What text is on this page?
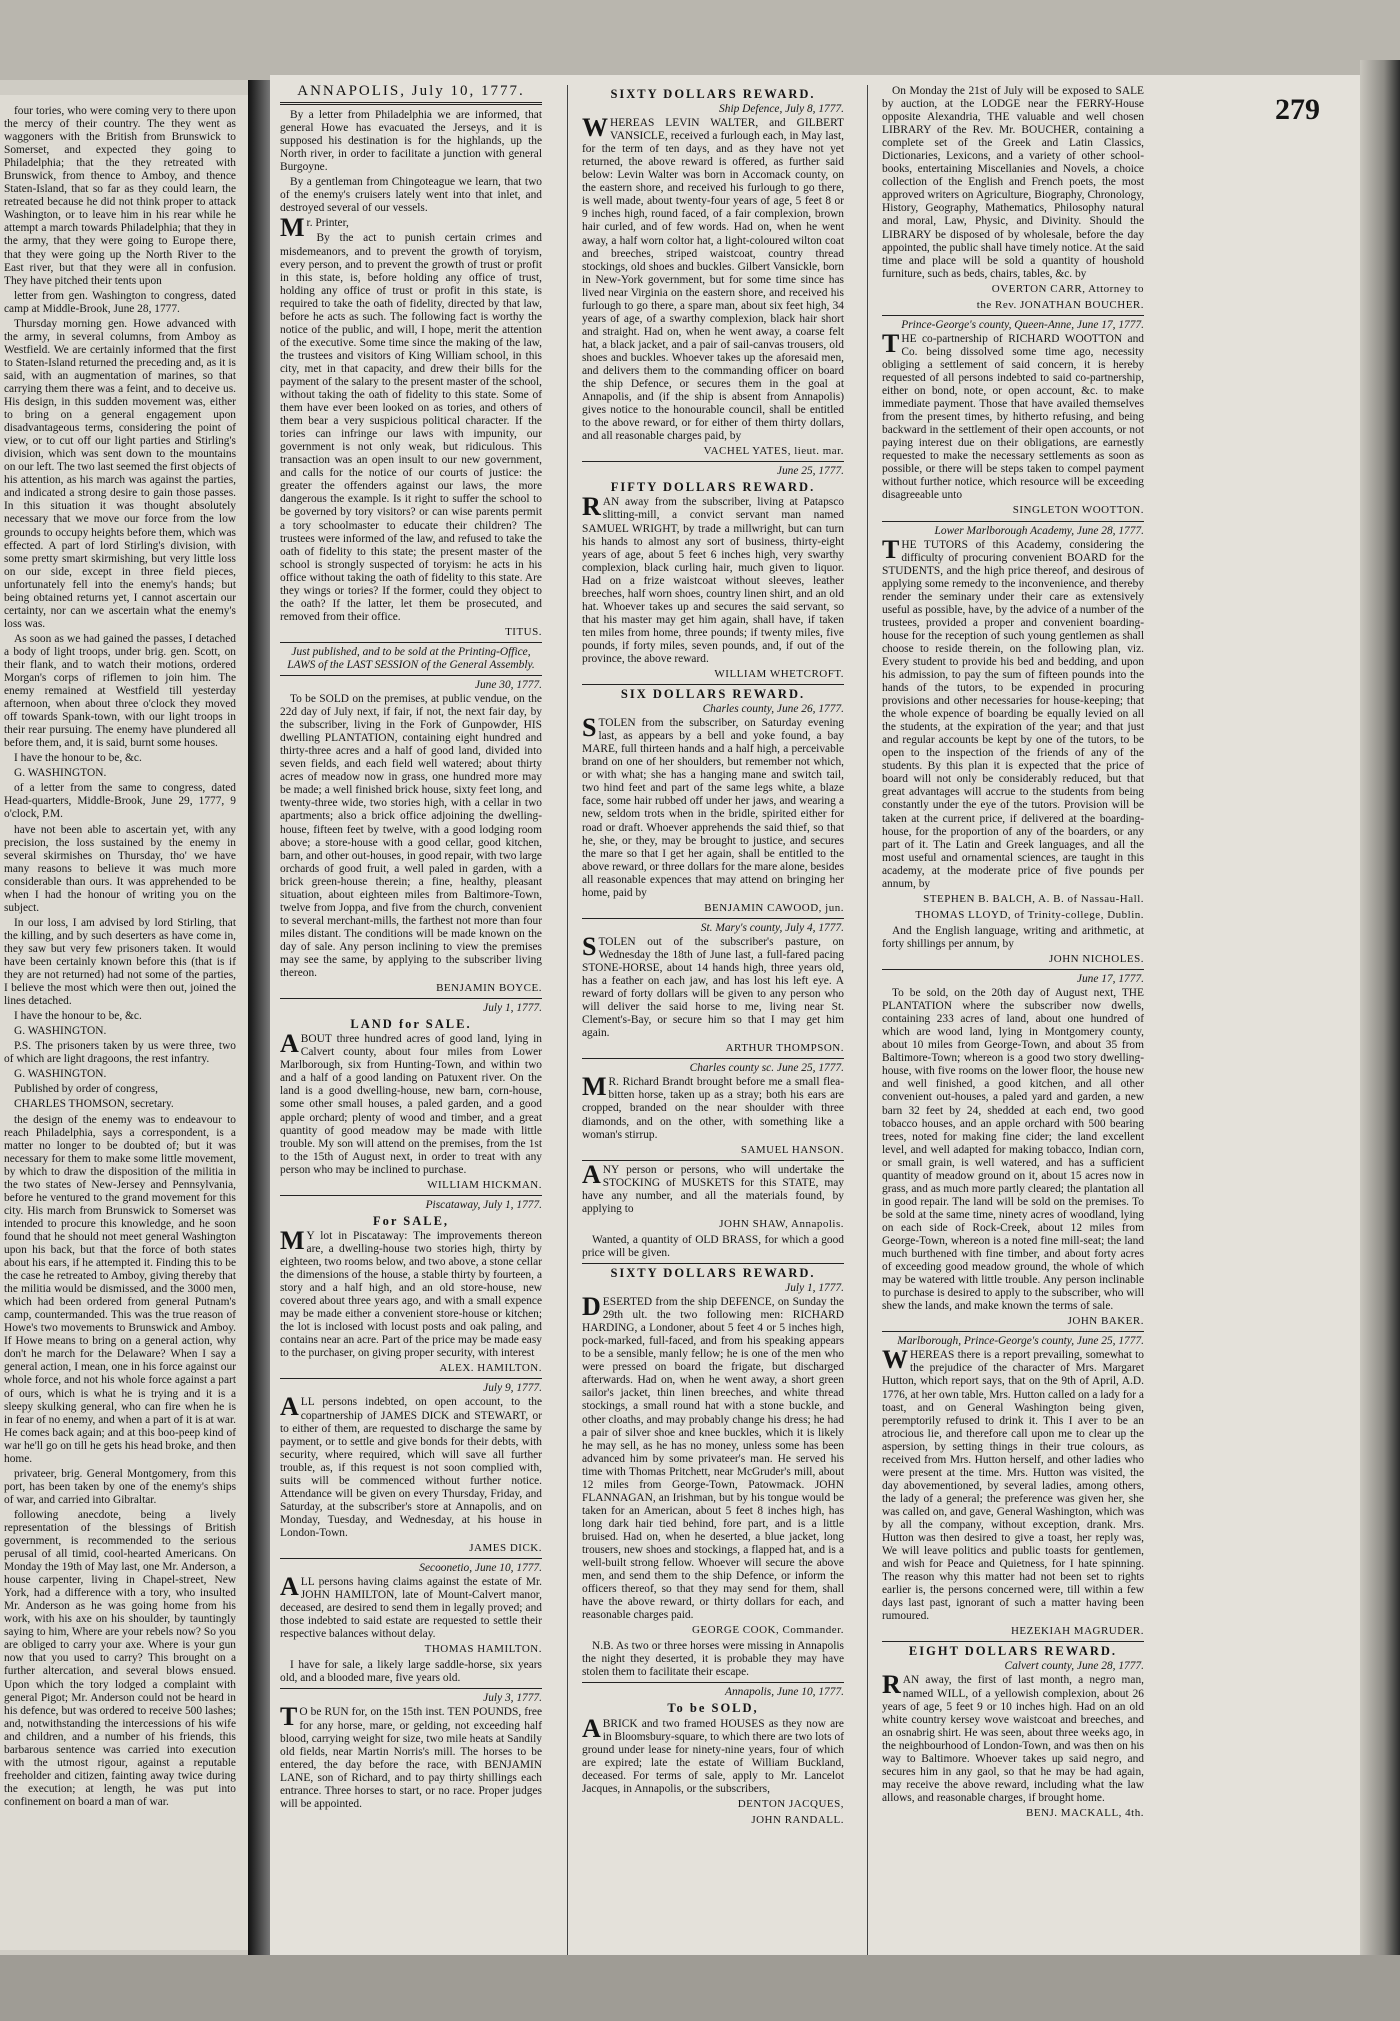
four tories, who were coming very to there upon the mercy of their country. The they went as waggoners with the British from Brunswick to Somerset, and expected they going to Philadelphia; that the they retreated with Brunswick, from thence to Amboy, and thence Staten-Island, that so far as they could learn, the retreated because he did not think proper to attack Washington, or to leave him in his rear while he attempt a march towards Philadelphia; that they in the army, that they were going to Europe there, that they were going up the North River to the East river, but that they were all in confusion. They have pitched their tents upon

letter from gen. Washington to congress, dated camp at Middle-Brook, June 28, 1777.

Thursday morning gen. Howe advanced with the army, in several columns, from Amboy as Westfield. We are certainly informed that the first to Staten-Island returned the preceding and, as it is said, with an augmentation of marines, so that carrying them there was a feint, and to deceive us. His design, in this sudden movement was, either to bring on a general engagement upon disadvantageous terms, considering the point of view, or to cut off our light parties and Stirling's division, which was sent down to the mountains on our left. The two last seemed the first objects of his attention, as his march was against the parties, and indicated a strong desire to gain those passes. In this situation it was thought absolutely necessary that we move our force from the low grounds to occupy heights before them, which was effected. A part of lord Stirling's division, with some pretty smart skirmishing, but very little loss on our side, except in three field pieces, unfortunately fell into the enemy's hands; but being obtained returns yet, I cannot ascertain our certainty, nor can we ascertain what the enemy's loss was.

As soon as we had gained the passes, I detached a body of light troops, under brig. gen. Scott, on their flank, and to watch their motions, ordered Morgan's corps of riflemen to join him. The enemy remained at Westfield till yesterday afternoon, when about three o'clock they moved off towards Spank-town, with our light troops in their rear pursuing. The enemy have plundered all before them, and, it is said, burnt some houses.

I have the honour to be, &c.

G. WASHINGTON.

of a letter from the same to congress, dated Head-quarters, Middle-Brook, June 29, 1777, 9 o'clock, P.M.

have not been able to ascertain yet, with any precision, the loss sustained by the enemy in several skirmishes on Thursday, tho' we have many reasons to believe it was much more considerable than ours. It was apprehended to be when I had the honour of writing you on the subject.

In our loss, I am advised by lord Stirling, that the killing, and by such deserters as have come in, they saw but very few prisoners taken. It would have been certainly known before this (that is if they are not returned) had not some of the parties, I believe the most which were then out, joined the lines detached.

I have the honour to be, &c.

G. WASHINGTON.

P.S. The prisoners taken by us were three, two of which are light dragoons, the rest infantry.

G. WASHINGTON.

Published by order of congress,

CHARLES THOMSON, secretary.

the design of the enemy was to endeavour to reach Philadelphia, says a correspondent, is a matter no longer to be doubted of; but it was necessary for them to make some little movement, by which to draw the disposition of the militia in the two states of New-Jersey and Pennsylvania, before he ventured to the grand movement for this city. His march from Brunswick to Somerset was intended to procure this knowledge, and he soon found that he should not meet general Washington upon his back, but that the force of both states about his ears, if he attempted it. Finding this to be the case he retreated to Amboy, giving thereby that the militia would be dismissed, and the 3000 men, which had been ordered from general Putnam's camp, countermanded. This was the true reason of Howe's two movements to Brunswick and Amboy. If Howe means to bring on a general action, why don't he march for the Delaware? When I say a general action, I mean, one in his force against our whole force, and not his whole force against a part of ours, which is what he is trying and it is a sleepy skulking general, who can fire when he is in fear of no enemy, and when a part of it is at war. He comes back again; and at this boo-peep kind of war he'll go on till he gets his head broke, and then home.

privateer, brig. General Montgomery, from this port, has been taken by one of the enemy's ships of war, and carried into Gibraltar.

following anecdote, being a lively representation of the blessings of British government, is recommended to the serious perusal of all timid, cool-hearted Americans. On Monday the 19th of May last, one Mr. Anderson, a house carpenter, living in Chapel-street, New York, had a difference with a tory, who insulted Mr. Anderson as he was going home from his work, with his axe on his shoulder, by tauntingly saying to him, Where are your rebels now? So you are obliged to carry your axe. Where is your gun now that you used to carry? This brought on a further altercation, and several blows ensued. Upon which the tory lodged a complaint with general Pigot; Mr. Anderson could not be heard in his defence, but was ordered to receive 500 lashes; and, notwithstanding the intercessions of his wife and children, and a number of his friends, this barbarous sentence was carried into execution with the utmost rigour, against a reputable freeholder and citizen, fainting away twice during the execution; at length, he was put into confinement on board a man of war.

279
ANNAPOLIS, July 10, 1777.

By a letter from Philadelphia we are informed, that general Howe has evacuated the Jerseys, and it is supposed his destination is for the highlands, up the North river, in order to facilitate a junction with general Burgoyne.

By a gentleman from Chingoteague we learn, that two of the enemy's cruisers lately went into that inlet, and destroyed several of our vessels.

Mr. Printer,

By the act to punish certain crimes and misdemeanors, and to prevent the growth of toryism, every person, and to prevent the growth of trust or profit in this state, is, before holding any office of trust, holding any office of trust or profit in this state, is required to take the oath of fidelity, directed by that law, before he acts as such. The following fact is worthy the notice of the public, and will, I hope, merit the attention of the executive. Some time since the making of the law, the trustees and visitors of King William school, in this city, met in that capacity, and drew their bills for the payment of the salary to the present master of the school, without taking the oath of fidelity to this state. Some of them have ever been looked on as tories, and others of them bear a very suspicious political character. If the tories can infringe our laws with impunity, our government is not only weak, but ridiculous. This transaction was an open insult to our new government, and calls for the notice of our courts of justice: the greater the offenders against our laws, the more dangerous the example. Is it right to suffer the school to be governed by tory visitors? or can wise parents permit a tory schoolmaster to educate their children? The trustees were informed of the law, and refused to take the oath of fidelity to this state; the present master of the school is strongly suspected of toryism: he acts in his office without taking the oath of fidelity to this state. Are they wings or tories? If the former, could they object to the oath? If the latter, let them be prosecuted, and removed from their office.

TITUS.

Just published, and to be sold at the Printing-Office, LAWS of the LAST SESSION of the General Assembly.

June 30, 1777.

To be SOLD on the premises, at public vendue, on the 22d day of July next, if fair, if not, the next fair day, by the subscriber, living in the Fork of Gunpowder, HIS dwelling PLANTATION, containing eight hundred and thirty-three acres and a half of good land, divided into seven fields, and each field well watered; about thirty acres of meadow now in grass, one hundred more may be made; a well finished brick house, sixty feet long, and twenty-three wide, two stories high, with a cellar in two apartments; also a brick office adjoining the dwelling-house, fifteen feet by twelve, with a good lodging room above; a store-house with a good cellar, good kitchen, barn, and other out-houses, in good repair, with two large orchards of good fruit, a well paled in garden, with a brick green-house therein; a fine, healthy, pleasant situation, about eighteen miles from Baltimore-Town, twelve from Joppa, and five from the church, convenient to several merchant-mills, the farthest not more than four miles distant. The conditions will be made known on the day of sale. Any person inclining to view the premises may see the same, by applying to the subscriber living thereon.

BENJAMIN BOYCE.
July 1, 1777.
LAND for SALE.

ABOUT three hundred acres of good land, lying in Calvert county, about four miles from Lower Marlborough, six from Hunting-Town, and within two and a half of a good landing on Patuxent river. On the land is a good dwelling-house, new barn, corn-house, some other small houses, a paled garden, and a good apple orchard; plenty of wood and timber, and a great quantity of good meadow may be made with little trouble. My son will attend on the premises, from the 1st to the 15th of August next, in order to treat with any person who may be inclined to purchase.

WILLIAM HICKMAN.
Piscataway, July 1, 1777.
For SALE,

MY lot in Piscataway: The improvements thereon are, a dwelling-house two stories high, thirty by eighteen, two rooms below, and two above, a stone cellar the dimensions of the house, a stable thirty by fourteen, a story and a half high, and an old store-house, new covered about three years ago, and with a small expence may be made either a convenient store-house or kitchen; the lot is inclosed with locust posts and oak paling, and contains near an acre. Part of the price may be made easy to the purchaser, on giving proper security, with interest

ALEX. HAMILTON.
July 9, 1777.

ALL persons indebted, on open account, to the copartnership of JAMES DICK and STEWART, or to either of them, are requested to discharge the same by payment, or to settle and give bonds for their debts, with security, where required, which will save all further trouble, as, if this request is not soon complied with, suits will be commenced without further notice. Attendance will be given on every Thursday, Friday, and Saturday, at the subscriber's store at Annapolis, and on Monday, Tuesday, and Wednesday, at his house in London-Town.

JAMES DICK.
Secoonetio, June 10, 1777.

ALL persons having claims against the estate of Mr. JOHN HAMILTON, late of Mount-Calvert manor, deceased, are desired to send them in legally proved; and those indebted to said estate are requested to settle their respective balances without delay.

THOMAS HAMILTON.

I have for sale, a likely large saddle-horse, six years old, and a blooded mare, five years old.

July 3, 1777.

TO be RUN for, on the 15th inst. TEN POUNDS, free for any horse, mare, or gelding, not exceeding half blood, carrying weight for size, two mile heats at Sandily old fields, near Martin Norris's mill. The horses to be entered, the day before the race, with BENJAMIN LANE, son of Richard, and to pay thirty shillings each entrance. Three horses to start, or no race. Proper judges will be appointed.

SIXTY DOLLARS REWARD.
Ship Defence, July 8, 1777.

WHEREAS LEVIN WALTER, and GILBERT VANSICLE, received a furlough each, in May last, for the term of ten days, and as they have not yet returned, the above reward is offered, as further said below: Levin Walter was born in Accomack county, on the eastern shore, and received his furlough to go there, is well made, about twenty-four years of age, 5 feet 8 or 9 inches high, round faced, of a fair complexion, brown hair curled, and of few words. Had on, when he went away, a half worn coltor hat, a light-coloured wilton coat and breeches, striped waistcoat, country thread stockings, old shoes and buckles. Gilbert Vansickle, born in New-York government, but for some time since has lived near Virginia on the eastern shore, and received his furlough to go there, a spare man, about six feet high, 34 years of age, of a swarthy complexion, black hair short and straight. Had on, when he went away, a coarse felt hat, a black jacket, and a pair of sail-canvas trousers, old shoes and buckles. Whoever takes up the aforesaid men, and delivers them to the commanding officer on board the ship Defence, or secures them in the goal at Annapolis, and (if the ship is absent from Annapolis) gives notice to the honourable council, shall be entitled to the above reward, or for either of them thirty dollars, and all reasonable charges paid, by

VACHEL YATES, lieut. mar.
June 25, 1777.
FIFTY DOLLARS REWARD.

RAN away from the subscriber, living at Patapsco slitting-mill, a convict servant man named SAMUEL WRIGHT, by trade a millwright, but can turn his hands to almost any sort of business, thirty-eight years of age, about 5 feet 6 inches high, very swarthy complexion, black curling hair, much given to liquor. Had on a frize waistcoat without sleeves, leather breeches, half worn shoes, country linen shirt, and an old hat. Whoever takes up and secures the said servant, so that his master may get him again, shall have, if taken ten miles from home, three pounds; if twenty miles, five pounds, if forty miles, seven pounds, and, if out of the province, the above reward.

WILLIAM WHETCROFT.
SIX DOLLARS REWARD.
Charles county, June 26, 1777.

STOLEN from the subscriber, on Saturday evening last, as appears by a bell and yoke found, a bay MARE, full thirteen hands and a half high, a perceivable brand on one of her shoulders, but remember not which, or with what; she has a hanging mane and switch tail, two hind feet and part of the same legs white, a blaze face, some hair rubbed off under her jaws, and wearing a new, seldom trots when in the bridle, spirited either for road or draft. Whoever apprehends the said thief, so that he, she, or they, may be brought to justice, and secures the mare so that I get her again, shall be entitled to the above reward, or three dollars for the mare alone, besides all reasonable expences that may attend on bringing her home, paid by

BENJAMIN CAWOOD, jun.
St. Mary's county, July 4, 1777.

STOLEN out of the subscriber's pasture, on Wednesday the 18th of June last, a full-fared pacing STONE-HORSE, about 14 hands high, three years old, has a feather on each jaw, and has lost his left eye. A reward of forty dollars will be given to any person who will deliver the said horse to me, living near St. Clement's-Bay, or secure him so that I may get him again.

ARTHUR THOMPSON.
Charles county sc. June 25, 1777.

MR. Richard Brandt brought before me a small flea-bitten horse, taken up as a stray; both his ears are cropped, branded on the near shoulder with three diamonds, and on the other, with something like a woman's stirrup.

SAMUEL HANSON.

ANY person or persons, who will undertake the STOCKING of MUSKETS for this STATE, may have any number, and all the materials found, by applying to

JOHN SHAW, Annapolis.

Wanted, a quantity of OLD BRASS, for which a good price will be given.

SIXTY DOLLARS REWARD.
July 1, 1777.

DESERTED from the ship DEFENCE, on Sunday the 29th ult. the two following men: RICHARD HARDING, a Londoner, about 5 feet 4 or 5 inches high, pock-marked, full-faced, and from his speaking appears to be a sensible, manly fellow; he is one of the men who were pressed on board the frigate, but discharged afterwards. Had on, when he went away, a short green sailor's jacket, thin linen breeches, and white thread stockings, a small round hat with a stone buckle, and other cloaths, and may probably change his dress; he had a pair of silver shoe and knee buckles, which it is likely he may sell, as he has no money, unless some has been advanced him by some privateer's man. He served his time with Thomas Pritchett, near McGruder's mill, about 12 miles from George-Town, Patowmack. JOHN FLANNAGAN, an Irishman, but by his tongue would be taken for an American, about 5 feet 8 inches high, has long dark hair tied behind, fore part, and is a little bruised. Had on, when he deserted, a blue jacket, long trousers, new shoes and stockings, a flapped hat, and is a well-built strong fellow. Whoever will secure the above men, and send them to the ship Defence, or inform the officers thereof, so that they may send for them, shall have the above reward, or thirty dollars for each, and reasonable charges paid.

GEORGE COOK, Commander.

N.B. As two or three horses were missing in Annapolis the night they deserted, it is probable they may have stolen them to facilitate their escape.

Annapolis, June 10, 1777.
To be SOLD,

ABRICK and two framed HOUSES as they now are in Bloomsbury-square, to which there are two lots of ground under lease for ninety-nine years, four of which are expired; late the estate of William Buckland, deceased. For terms of sale, apply to Mr. Lancelot Jacques, in Annapolis, or the subscribers,

DENTON JACQUES,
JOHN RANDALL.

On Monday the 21st of July will be exposed to SALE by auction, at the LODGE near the FERRY-House opposite Alexandria, THE valuable and well chosen LIBRARY of the Rev. Mr. BOUCHER, containing a complete set of the Greek and Latin Classics, Dictionaries, Lexicons, and a variety of other school-books, entertaining Miscellanies and Novels, a choice collection of the English and French poets, the most approved writers on Agriculture, Biography, Chronology, History, Geography, Mathematics, Philosophy natural and moral, Law, Physic, and Divinity. Should the LIBRARY be disposed of by wholesale, before the day appointed, the public shall have timely notice. At the said time and place will be sold a quantity of houshold furniture, such as beds, chairs, tables, &c. by

OVERTON CARR, Attorney to
the Rev. JONATHAN BOUCHER.
Prince-George's county, Queen-Anne, June 17, 1777.

THE co-partnership of RICHARD WOOTTON and Co. being dissolved some time ago, necessity obliging a settlement of said concern, it is hereby requested of all persons indebted to said co-partnership, either on bond, note, or open account, &c. to make immediate payment. Those that have availed themselves from the present times, by hitherto refusing, and being backward in the settlement of their open accounts, or not paying interest due on their obligations, are earnestly requested to make the necessary settlements as soon as possible, or there will be steps taken to compel payment without further notice, which resource will be exceeding disagreeable unto

SINGLETON WOOTTON.
Lower Marlborough Academy, June 28, 1777.

THE TUTORS of this Academy, considering the difficulty of procuring convenient BOARD for the STUDENTS, and the high price thereof, and desirous of applying some remedy to the inconvenience, and thereby render the seminary under their care as extensively useful as possible, have, by the advice of a number of the trustees, provided a proper and convenient boarding-house for the reception of such young gentlemen as shall choose to reside therein, on the following plan, viz. Every student to provide his bed and bedding, and upon his admission, to pay the sum of fifteen pounds into the hands of the tutors, to be expended in procuring provisions and other necessaries for house-keeping; that the whole expence of boarding be equally levied on all the students, at the expiration of the year; and that just and regular accounts be kept by one of the tutors, to be open to the inspection of the friends of any of the students. By this plan it is expected that the price of board will not only be considerably reduced, but that great advantages will accrue to the students from being constantly under the eye of the tutors. Provision will be taken at the current price, if delivered at the boarding-house, for the proportion of any of the boarders, or any part of it. The Latin and Greek languages, and all the most useful and ornamental sciences, are taught in this academy, at the moderate price of five pounds per annum, by

STEPHEN B. BALCH, A. B. of Nassau-Hall.
THOMAS LLOYD, of Trinity-college, Dublin.

And the English language, writing and arithmetic, at forty shillings per annum, by

JOHN NICHOLES.
June 17, 1777.

To be sold, on the 20th day of August next, THE PLANTATION where the subscriber now dwells, containing 233 acres of land, about one hundred of which are wood land, lying in Montgomery county, about 10 miles from George-Town, and about 35 from Baltimore-Town; whereon is a good two story dwelling-house, with five rooms on the lower floor, the house new and well finished, a good kitchen, and all other convenient out-houses, a paled yard and garden, a new barn 32 feet by 24, shedded at each end, two good tobacco houses, and an apple orchard with 500 bearing trees, noted for making fine cider; the land excellent level, and well adapted for making tobacco, Indian corn, or small grain, is well watered, and has a sufficient quantity of meadow ground on it, about 15 acres now in grass, and as much more partly cleared; the plantation all in good repair. The land will be sold on the premises. To be sold at the same time, ninety acres of woodland, lying on each side of Rock-Creek, about 12 miles from George-Town, whereon is a noted fine mill-seat; the land much burthened with fine timber, and about forty acres of exceeding good meadow ground, the whole of which may be watered with little trouble. Any person inclinable to purchase is desired to apply to the subscriber, who will shew the lands, and make known the terms of sale.

JOHN BAKER.
Marlborough, Prince-George's county, June 25, 1777.

WHEREAS there is a report prevailing, somewhat to the prejudice of the character of Mrs. Margaret Hutton, which report says, that on the 9th of April, A.D. 1776, at her own table, Mrs. Hutton called on a lady for a toast, and on General Washington being given, peremptorily refused to drink it. This I aver to be an atrocious lie, and therefore call upon me to clear up the aspersion, by setting things in their true colours, as received from Mrs. Hutton herself, and other ladies who were present at the time. Mrs. Hutton was visited, the day abovementioned, by several ladies, among others, the lady of a general; the preference was given her, she was called on, and gave, General Washington, which was by all the company, without exception, drank. Mrs. Hutton was then desired to give a toast, her reply was, We will leave politics and public toasts for gentlemen, and wish for Peace and Quietness, for I hate spinning. The reason why this matter had not been set to rights earlier is, the persons concerned were, till within a few days last past, ignorant of such a matter having been rumoured.

HEZEKIAH MAGRUDER.
EIGHT DOLLARS REWARD.
Calvert county, June 28, 1777.

RAN away, the first of last month, a negro man, named WILL, of a yellowish complexion, about 26 years of age, 5 feet 9 or 10 inches high. Had on an old white country kersey wove waistcoat and breeches, and an osnabrig shirt. He was seen, about three weeks ago, in the neighbourhood of London-Town, and was then on his way to Baltimore. Whoever takes up said negro, and secures him in any gaol, so that he may be had again, may receive the above reward, including what the law allows, and reasonable charges, if brought home.

BENJ. MACKALL, 4th.
